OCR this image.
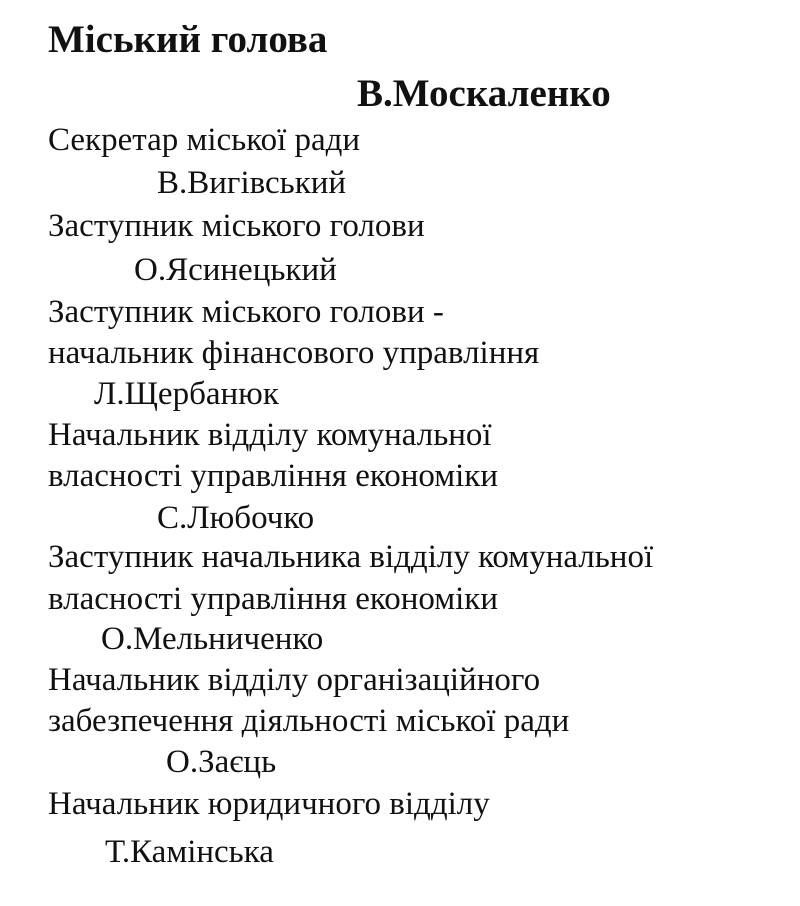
Міський голова
В.Москаленко
Секретар міської ради
В.Вигівський
Заступник міського голови
О.Ясинецький
Заступник міського голови -
начальник фінансового управління
Л.Щербанюк
Начальник відділу комунальної
власності управління економіки
С.Любочко
Заступник начальника відділу комунальної
власності управління економіки
О.Мельниченко
Начальник відділу організаційного
забезпечення діяльності міської ради
О.Заєць
Начальник юридичного відділу
Т.Камінська
